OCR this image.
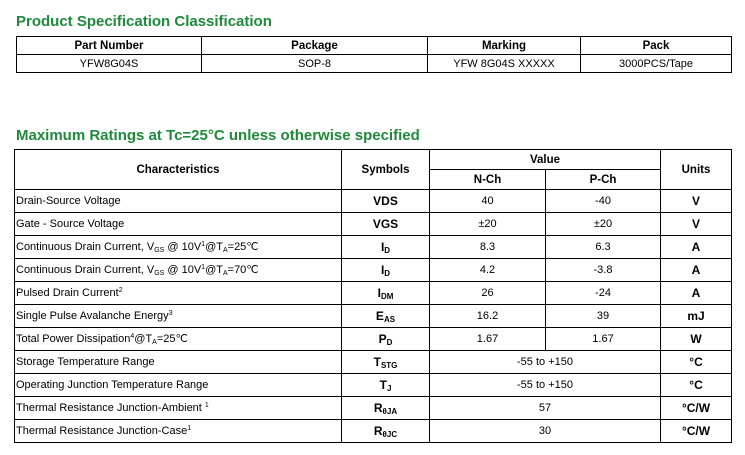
Product Specification Classification
Part Number	Package	Marking	Pack
YFW8G04S	SOP-8	YFW 8G04S XXXXX	3000PCS/Tape
Maximum Ratings at Tc=25°C unless otherwise specified
Characteristics	Symbols	Value		Units
		N-Ch	P-Ch	
Drain-Source Voltage	VDS	40	-40	V
Gate - Source Voltage	VGS	±20	±20	V
Continuous Drain Current, $V_{GS}$ @ $10V^1@T_A=25℃$	$I_D$	8.3	6.3	A
Continuous Drain Current, $V_{GS}$ @ $10V^1@T_A=70℃$	$I_D$	4.2	-3.8	A
Pulsed Drain Current$^2$	$I_{DM}$	26	-24	A
Single Pulse Avalanche Energy$^3$	$E_{AS}$	16.2	39	mJ
Total Power $Dissipation^4@T_A=25℃$	$P_D$	1.67	1.67	W
Storage Temperature Range	$T_{STG}$	-55 to +150		°C
Operating Junction Temperature Range	$T_J$	-55 to +150		°C
Thermal Resistance Junction-Ambient $^1$	$R_{\theta JA}$	57		°C/W
Thermal Resistance Junction-Case$^1$	$R_{\theta JC}$	30		°C/W
